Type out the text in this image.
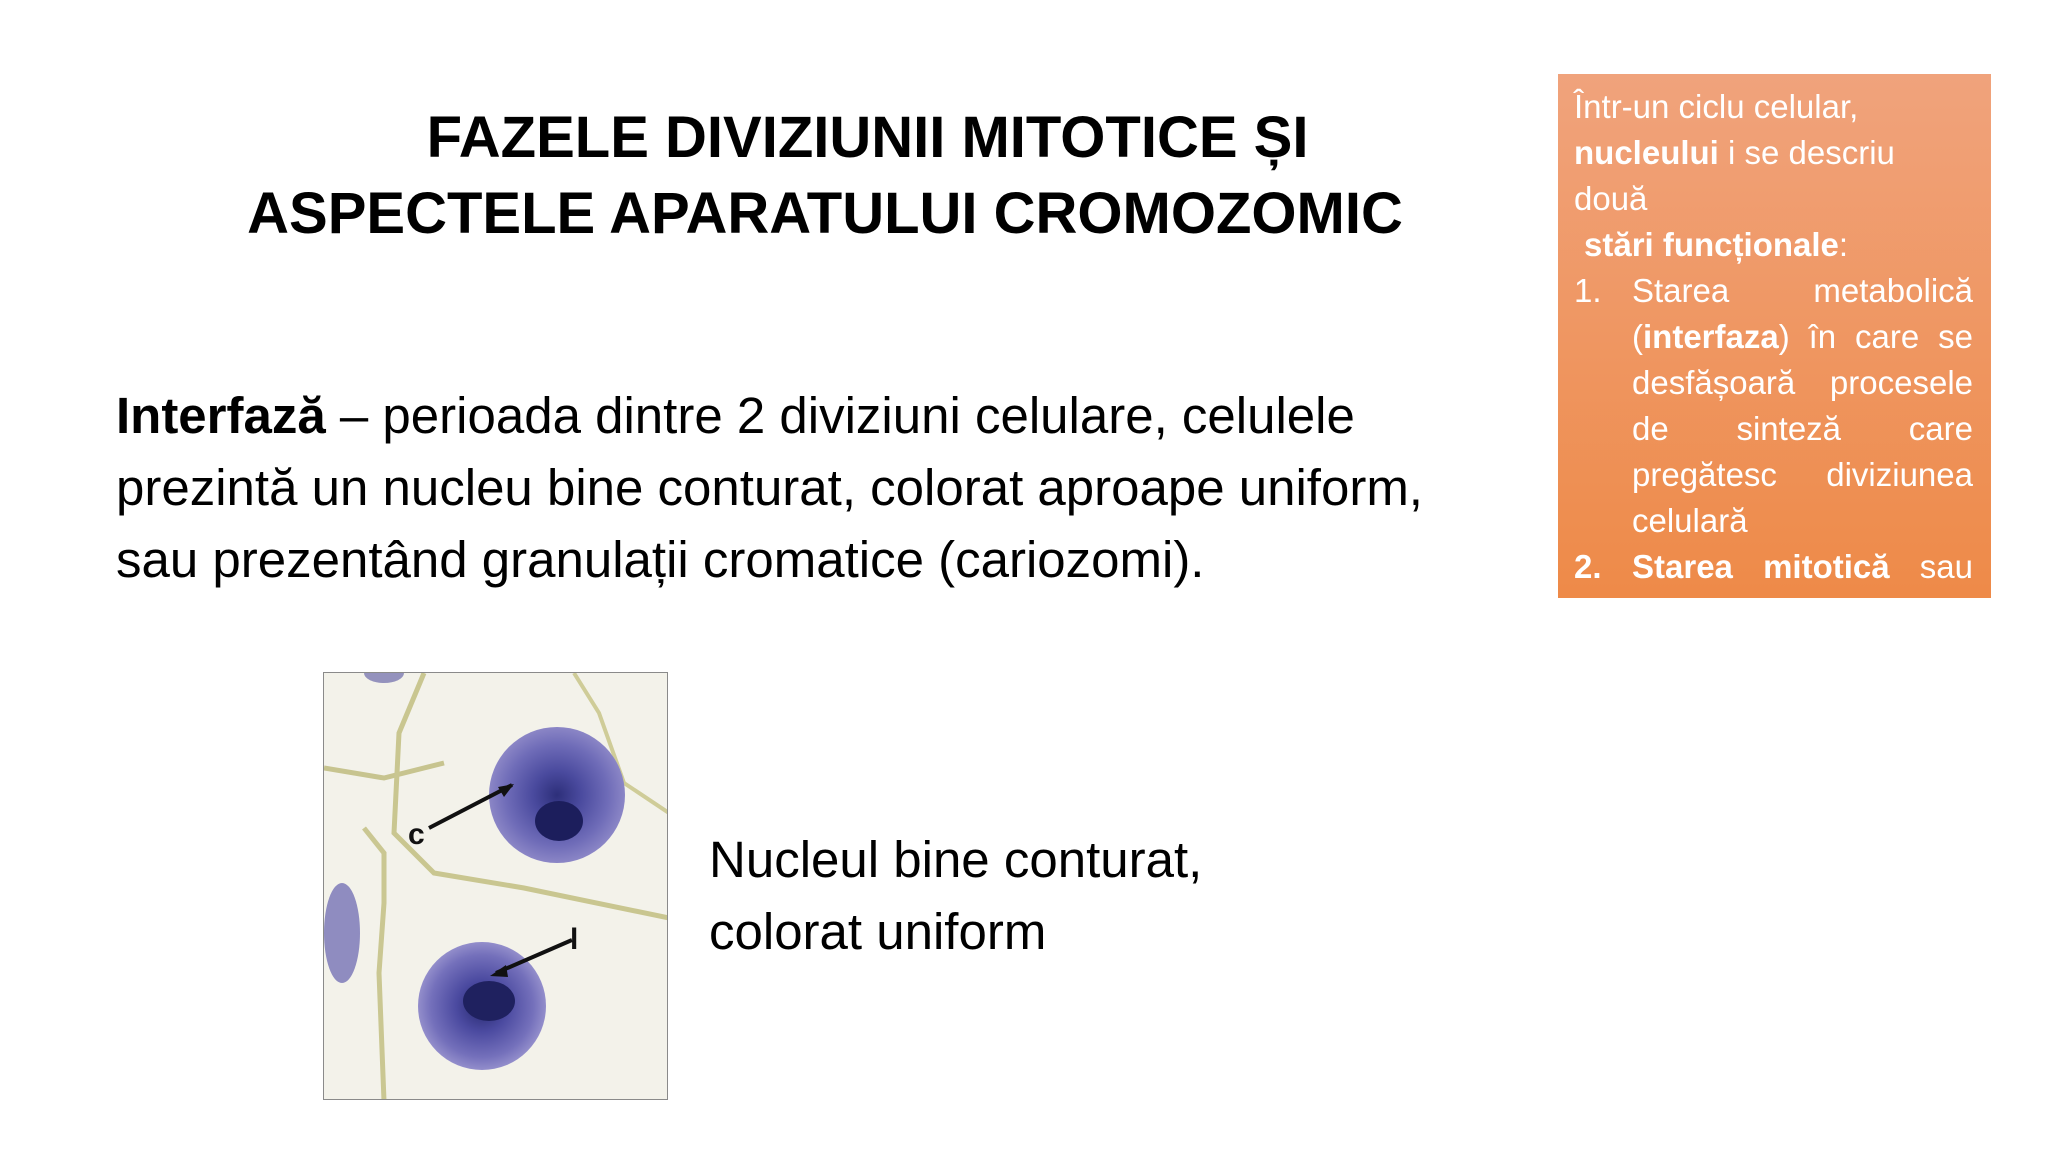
FAZELE DIVIZIUNII MITOTICE ȘI
ASPECTELE APARATULUI CROMOZOMIC
Interfază – perioada dintre 2 diviziuni celulare, celulele prezintă un nucleu bine conturat, colorat aproape uniform, sau prezentând granulații cromatice (cariozomi).
c
l
Nucleul bine conturat,
colorat uniform

Într-un ciclu celular, nucleului i se descriu două
stări funcționale:

1. Starea metabolică (interfaza) în care se desfășoară procesele de sinteză care pregătesc diviziunea
celulară
2. Starea mitotică sau
diviziunea
